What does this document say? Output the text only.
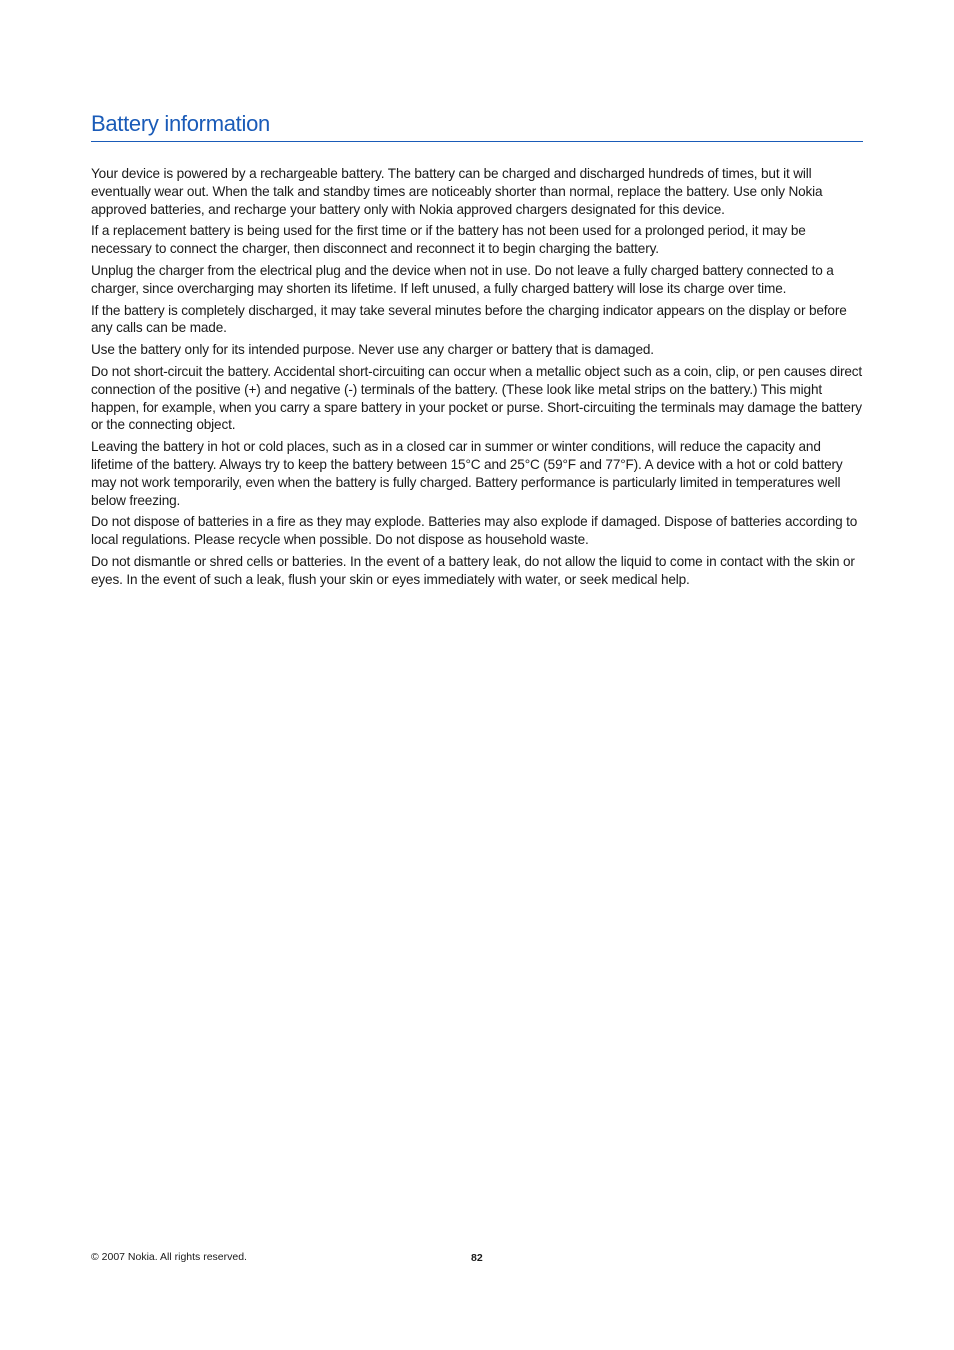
Battery information

Your device is powered by a rechargeable battery. The battery can be charged and discharged hundreds of times, but it will eventually wear out. When the talk and standby times are noticeably shorter than normal, replace the battery. Use only Nokia approved batteries, and recharge your battery only with Nokia approved chargers designated for this device.

If a replacement battery is being used for the first time or if the battery has not been used for a prolonged period, it may be necessary to connect the charger, then disconnect and reconnect it to begin charging the battery.

Unplug the charger from the electrical plug and the device when not in use. Do not leave a fully charged battery connected to a charger, since overcharging may shorten its lifetime. If left unused, a fully charged battery will lose its charge over time.

If the battery is completely discharged, it may take several minutes before the charging indicator appears on the display or before any calls can be made.

Use the battery only for its intended purpose. Never use any charger or battery that is damaged.

Do not short-circuit the battery. Accidental short-circuiting can occur when a metallic object such as a coin, clip, or pen causes direct connection of the positive (+) and negative (-) terminals of the battery. (These look like metal strips on the battery.) This might happen, for example, when you carry a spare battery in your pocket or purse. Short-circuiting the terminals may damage the battery or the connecting object.

Leaving the battery in hot or cold places, such as in a closed car in summer or winter conditions, will reduce the capacity and lifetime of the battery. Always try to keep the battery between 15°C and 25°C (59°F and 77°F). A device with a hot or cold battery may not work temporarily, even when the battery is fully charged. Battery performance is particularly limited in temperatures well below freezing.

Do not dispose of batteries in a fire as they may explode. Batteries may also explode if damaged. Dispose of batteries according to local regulations. Please recycle when possible. Do not dispose as household waste.

Do not dismantle or shred cells or batteries. In the event of a battery leak, do not allow the liquid to come in contact with the skin or eyes. In the event of such a leak, flush your skin or eyes immediately with water, or seek medical help.

© 2007 Nokia. All rights reserved.	82
